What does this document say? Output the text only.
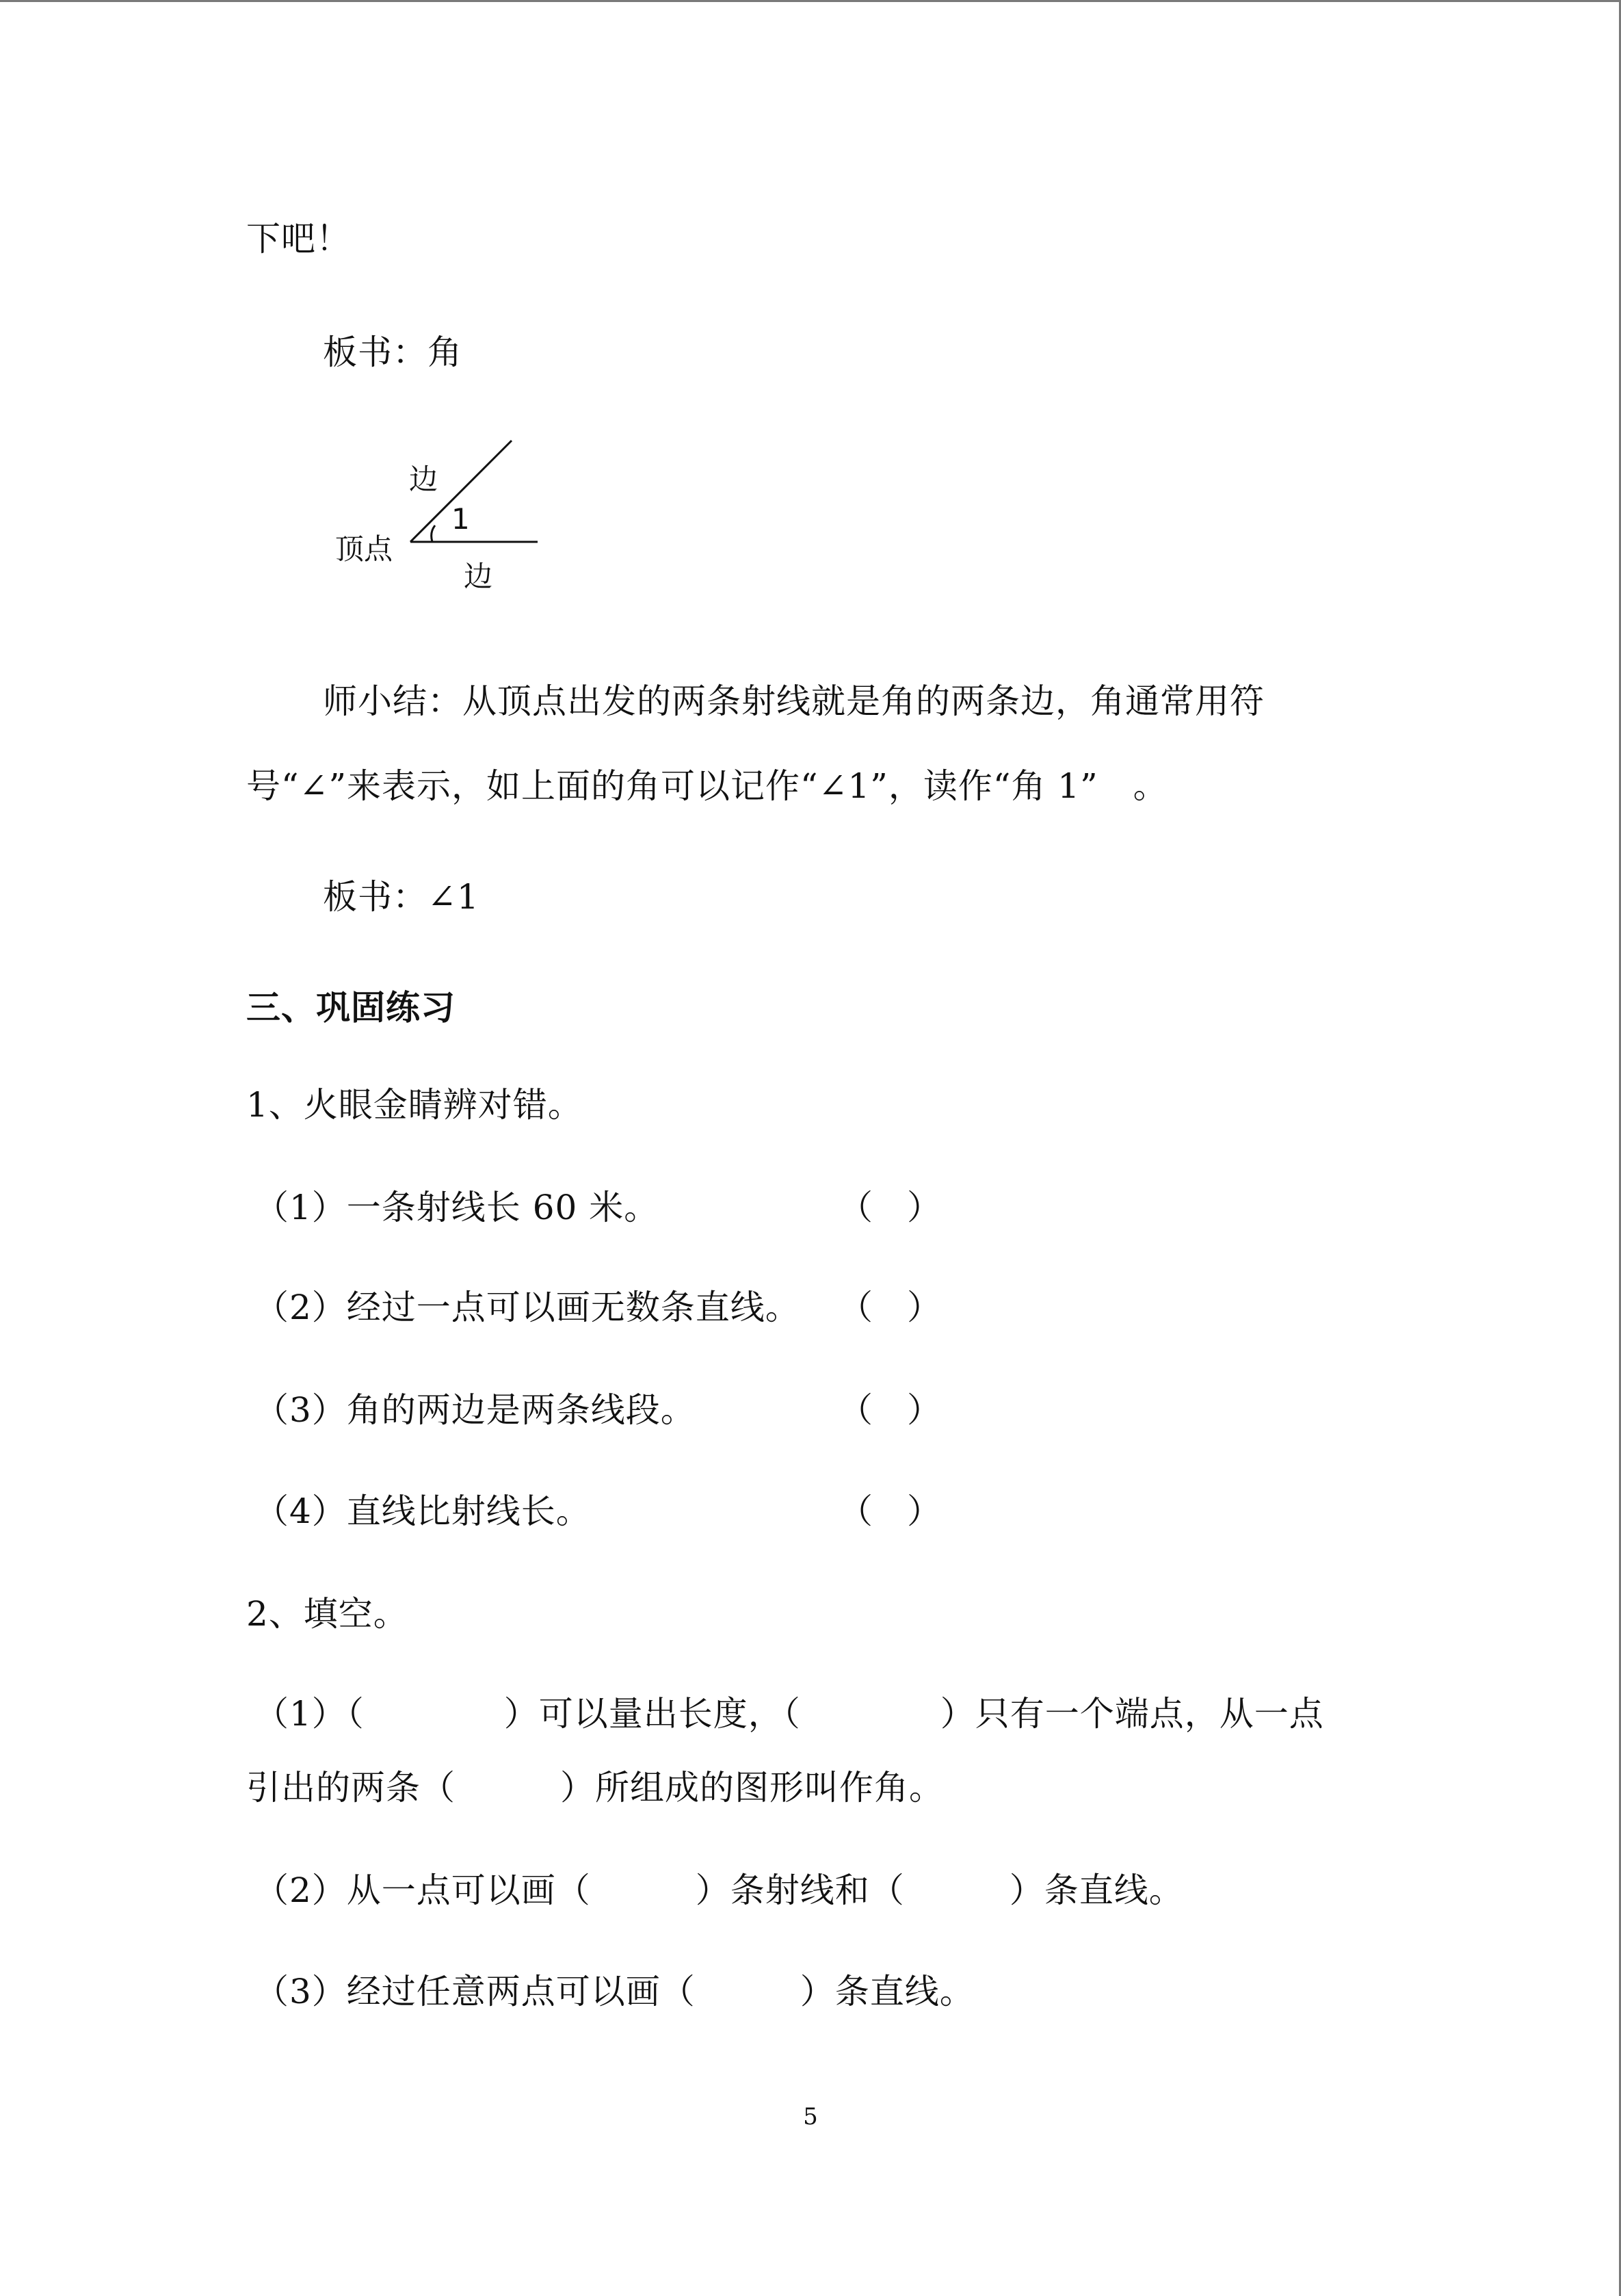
下吧！
板书：角
边
1
顶点
边
师小结：从顶点出发的两条射线就是角的两条边，角通常用符
号“∠”来表示，如上面的角可以记作“∠1”，读作“角 1”　。
板书：∠1
三、巩固练习
1、火眼金睛辨对错。
（1）一条射线长 60 米。	（　）
（2）经过一点可以画无数条直线。 （　）
（3）角的两边是两条线段。	（　）
（4）直线比射线长。	（　）
2、填空。
（1）（　　　　）可以量出长度，（　　　　）只有一个端点，从一点
引出的两条（　　　）所组成的图形叫作角。
（2）从一点可以画（　　　）条射线和（　　　）条直线。
（3）经过任意两点可以画（　　　）条直线。
5
